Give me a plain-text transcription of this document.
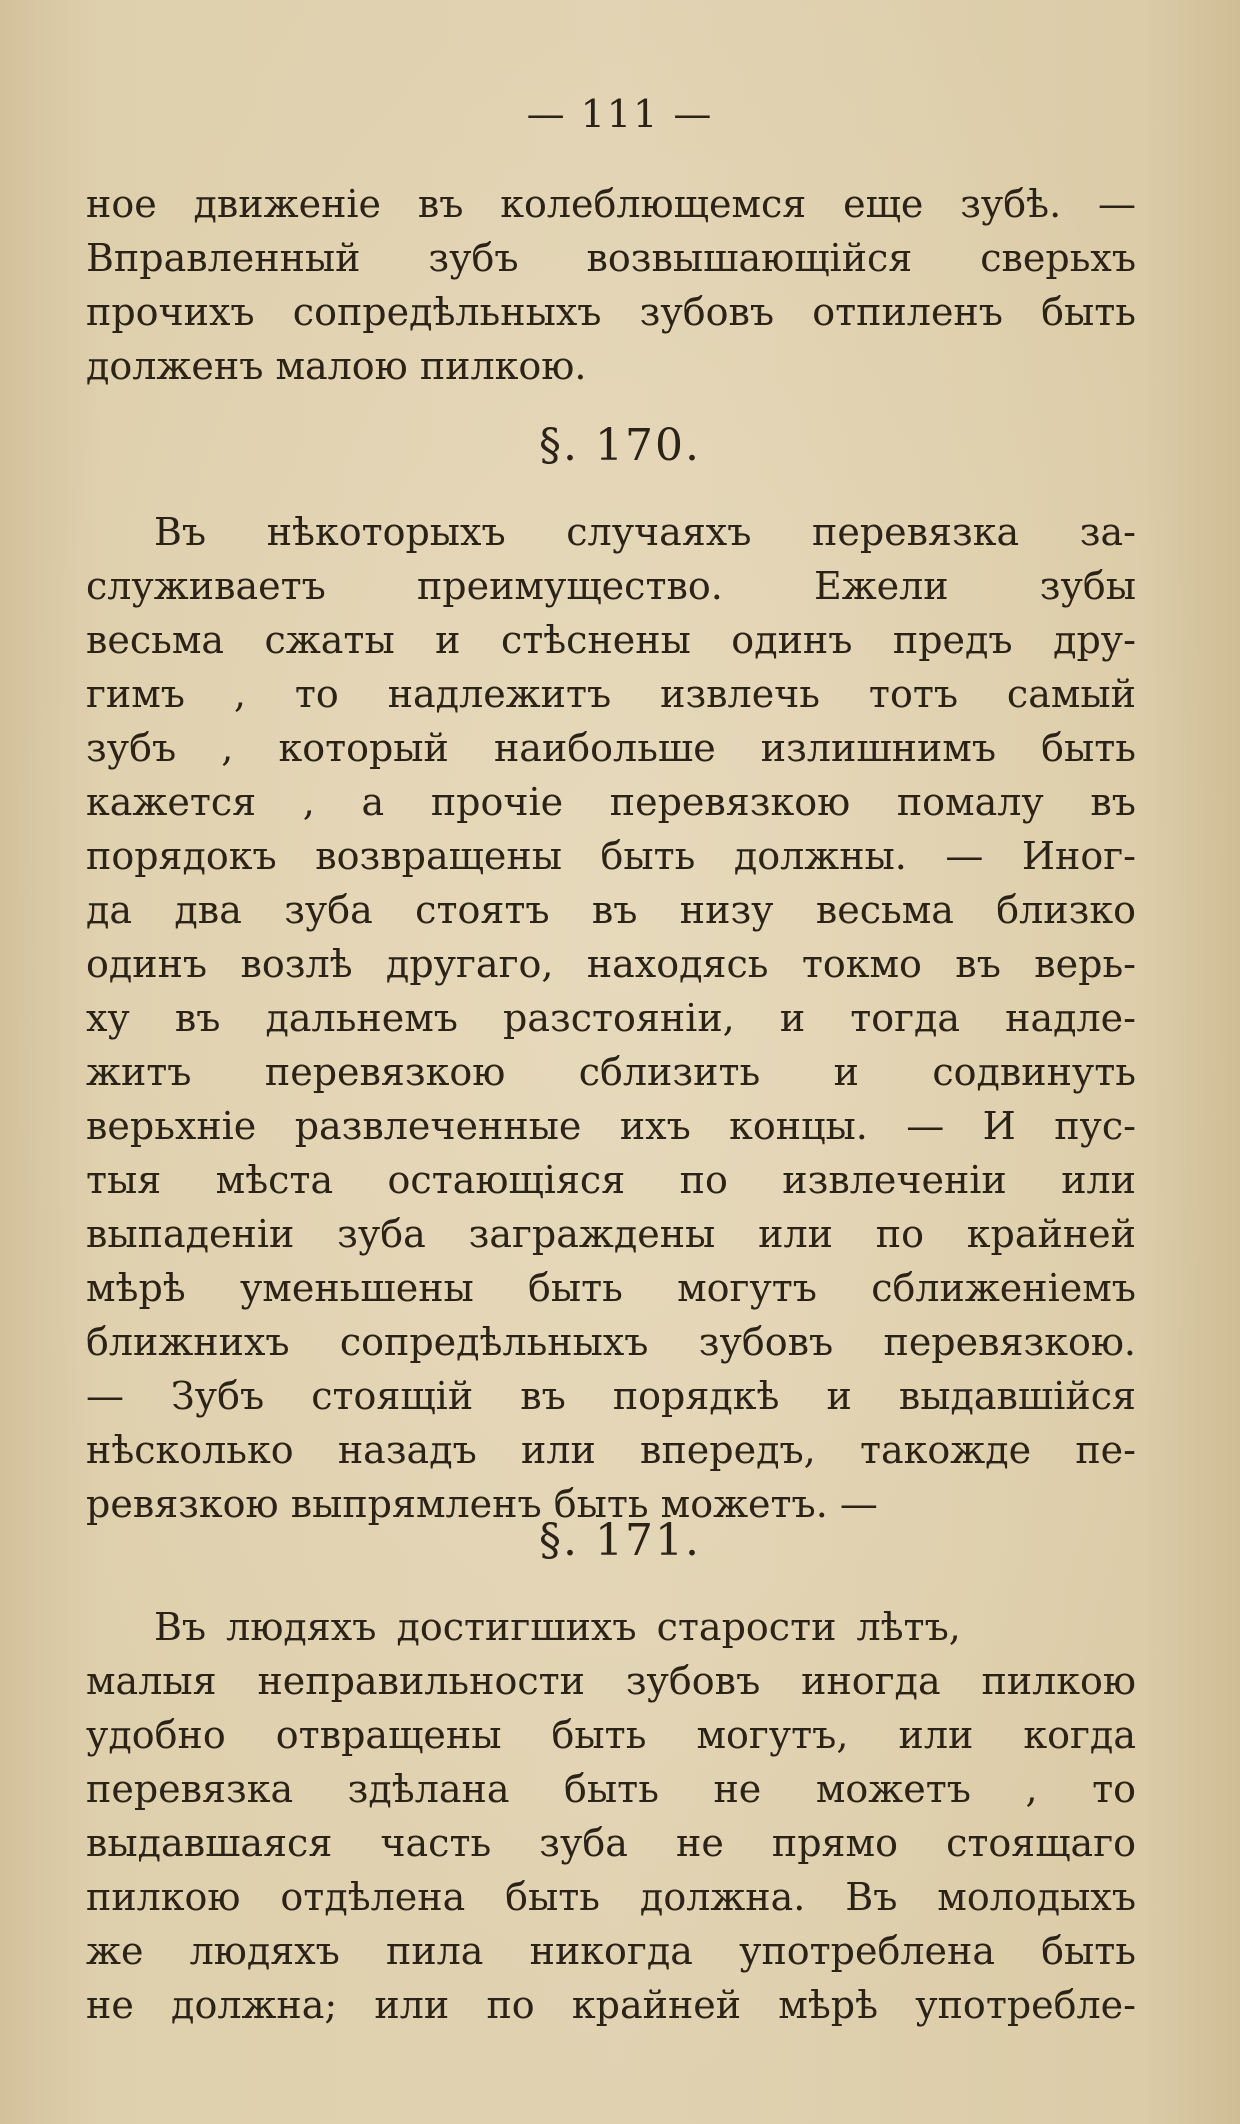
— 111 —
ное движеніе въ колеблющемся еще зубѣ. —
Вправленный зубъ возвышающійся сверьхъ
прочихъ сопредѣльныхъ зубовъ отпиленъ быть
долженъ малою пилкою.
§. 170.
Въ нѣкоторыхъ случаяхъ перевязка за-
служиваетъ преимущество. Ежели зубы
весьма сжаты и стѣснены одинъ предъ дру-
гимъ , то надлежитъ извлечь тотъ самый
зубъ , который наибольше излишнимъ быть
кажется , а прочіе перевязкою помалу въ
порядокъ возвращены быть должны. — Иног-
да два зуба стоятъ въ низу весьма близко
одинъ возлѣ другаго, находясь токмо въ верь-
ху въ дальнемъ разстояніи, и тогда надле-
житъ перевязкою сблизить и содвинуть
верьхніе развлеченные ихъ концы. — И пус-
тыя мѣста остающіяся по извлеченіи или
выпаденіи зуба заграждены или по крайней
мѣрѣ уменьшены быть могутъ сближеніемъ
ближнихъ сопредѣльныхъ зубовъ перевязкою.
— Зубъ стоящій въ порядкѣ и выдавшійся
нѣсколько назадъ или впередъ, такожде пе-
ревязкою выпрямленъ быть можетъ. —
§. 171.
Въ людяхъ достигшихъ старости лѣтъ,
малыя неправильности зубовъ иногда пилкою
удобно отвращены быть могутъ, или когда
перевязка здѣлана быть не можетъ , то
выдавшаяся часть зуба не прямо стоящаго
пилкою отдѣлена быть должна. Въ молодыхъ
же людяхъ пила никогда употреблена быть
не должна; или по крайней мѣрѣ употребле-
